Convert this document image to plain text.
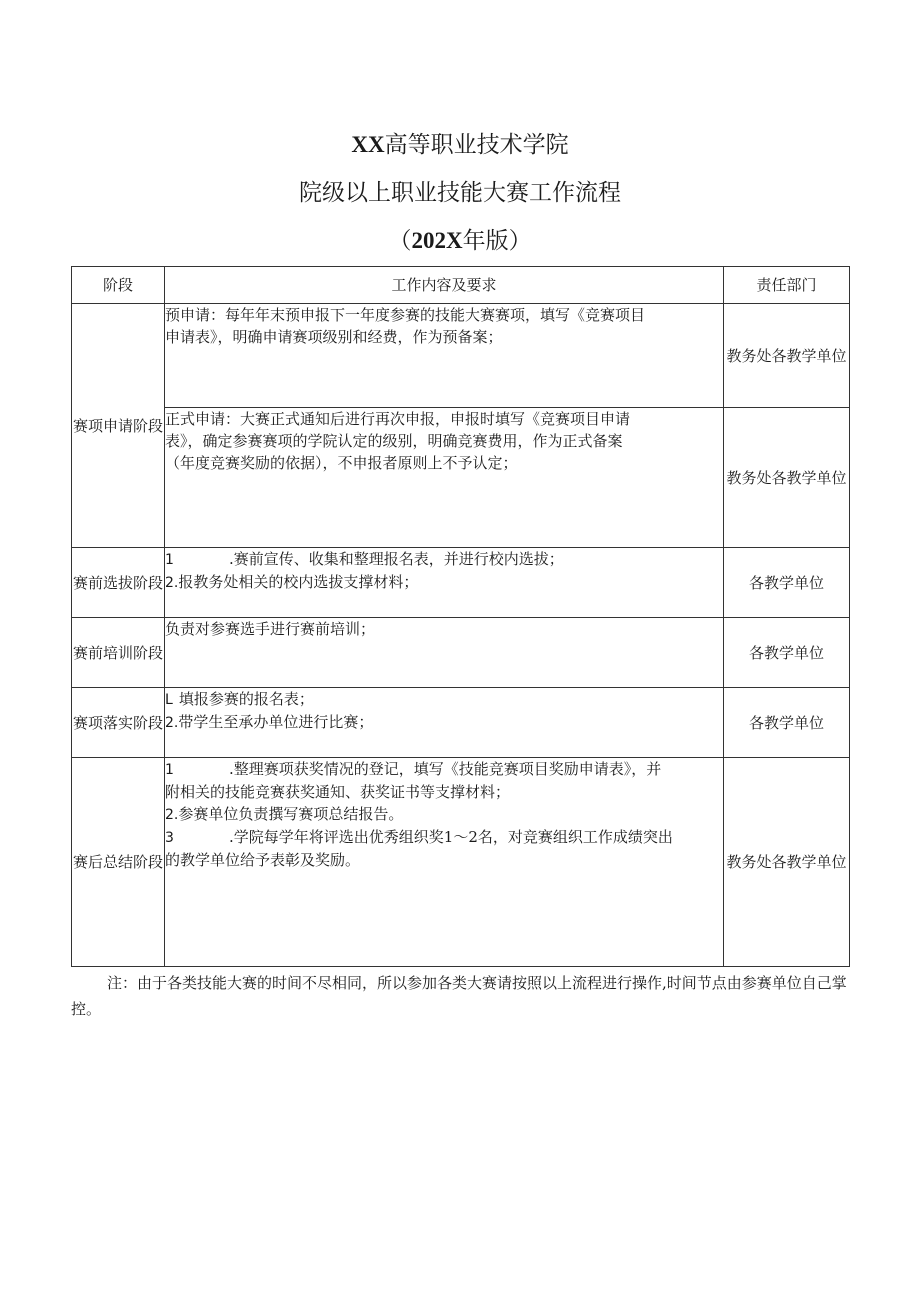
XX高等职业技术学院
院级以上职业技能大赛工作流程
（202X年版）
阶段	工作内容及要求	责任部门
赛项申请阶段	预申请：每年年末预申报下一年度参赛的技能大赛赛项，填写《竞赛项目
申请表》，明确申请赛项级别和经费，作为预备案；	教务处各教学单位

	正式申请：大赛正式通知后进行再次申报，申报时填写《竞赛项目申请
表》，确定参赛赛项的学院认定的级别，明确竞赛费用，作为正式备案
（年度竞赛奖励的依据），不申报者原则上不予认定；	教务处各教学单位
赛前选拔阶段	1 .赛前宣传、收集和整理报名表，并进行校内选拔；
2.报教务处相关的校内选拔支撑材料；	各教学单位
赛前培训阶段	负责对参赛选手进行赛前培训；	各教学单位
赛项落实阶段	L 填报参赛的报名表；
2.带学生至承办单位进行比赛；	各教学单位
赛后总结阶段	1 .整理赛项获奖情况的登记，填写《技能竞赛项目奖励申请表》，并
附相关的技能竞赛获奖通知、获奖证书等支撑材料；
2.参赛单位负责撰写赛项总结报告。
3 .学院每学年将评选出优秀组织奖1～2名，对竞赛组织工作成绩突出
的教学单位给予表彰及奖励。	教务处各教学单位
注：由于各类技能大赛的时间不尽相同，所以参加各类大赛请按照以上流程进行操作,时间节点由参赛单位自己掌控。
